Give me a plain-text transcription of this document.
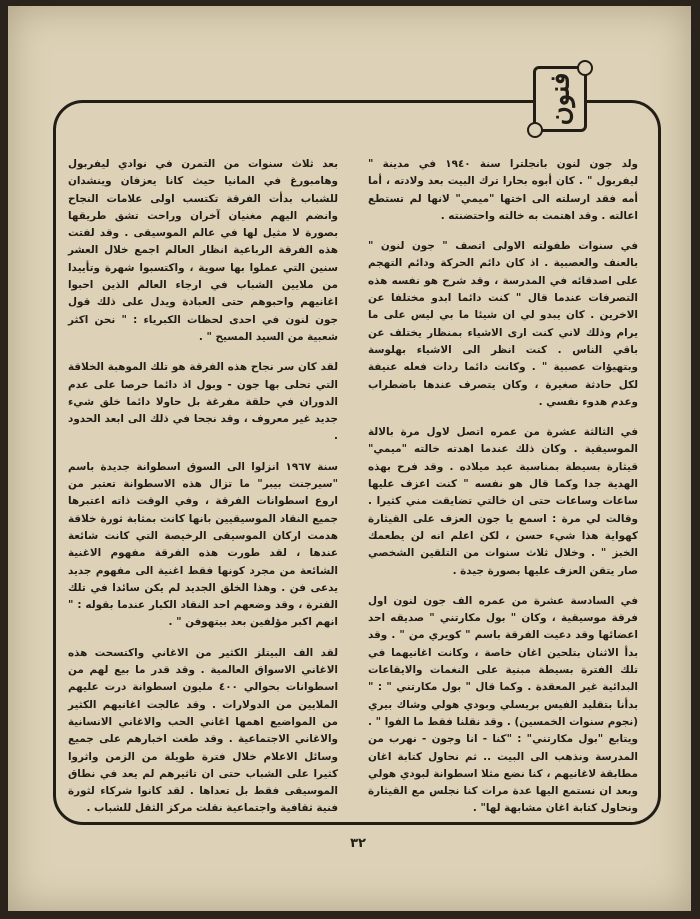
فنون

ولد جون لنون بانجلترا سنة ١٩٤٠ في مدينة " ليفربول " . كان أبوه بحارا ترك البيت بعد ولادته ، أما أمه فقد ارسلته الى اختها "ميمي" لانها لم تستطع اعالته . وقد اهتمت به خالته واحتضنته .

في سنوات طفولته الاولى اتصف " جون لنون " بالعنف والعصبية . اذ كان دائم الحركة ودائم التهجم على اصدقائه في المدرسة ، وقد شرح هو نفسه هذه التصرفات عندما قال " كنت دائما ابدو مختلفا عن الاخرين . كان يبدو لي ان شيئا ما بي ليس على ما يرام وذلك لاني كنت ارى الاشياء بمنظار يختلف عن باقي الناس . كنت انظر الى الاشياء بهلوسة وبتهيؤات عصبية " . وكانت دائما ردات فعله عنيفة لكل حادثة صغيرة ، وكان يتصرف عندها باضطراب وعدم هدوء نفسي .

في الثالثة عشرة من عمره اتصل لاول مرة بالالة الموسيقية . وكان ذلك عندما اهدته خالته "ميمي" قيثارة بسيطة بمناسبة عيد ميلاده . وقد فرح بهذه الهدية جدا وكما قال هو نفسه " كنت اعزف عليها ساعات وساعات حتى ان خالتي تضايقت مني كثيرا . وقالت لي مرة : اسمع يا جون العزف على القيثارة كهواية هذا شيء حسن ، لكن اعلم انه لن يطعمك الخبز " . وخلال ثلاث سنوات من التلقين الشخصي صار يتقن العزف عليها بصورة جيدة .

في السادسة عشرة من عمره الف جون لنون اول فرقة موسيقية ، وكان " بول مكارتني " صديقه احد اعضائها وقد دعيت الفرقة باسم " كويري من " . وقد بدأ الاثنان بتلحين اغان خاصة ، وكانت اغانيهما في تلك الفترة بسيطة مبنية على النغمات والايقاعات البدائية غير المعقدة . وكما قال " بول مكارتني " : " بدأنا بتقليد الفيس بريسلي وبودي هولي وشاك بيري (نجوم سنوات الخمسين) . وقد نقلنا فقط ما الفوا " . ويتابع "بول مكارتني" : "كنا - انا وجون - نهرب من المدرسة ونذهب الى البيت .. ثم نحاول كتابة اغان مطابقة لاغانيهم ، كنا نضع مثلا اسطوانة لبودي هولي وبعد ان نستمع اليها عدة مرات كنا نجلس مع القيثارة ونحاول كتابة اغان مشابهة لها" .

بعد ثلاث سنوات من التمرن في نوادي ليفربول وهامبورغ في المانيا حيث كانا يعزفان وينشدان للشباب بدأت الفرقة تكتسب اولى علامات النجاح وانضم اليهم مغنيان آخران وراحت تشق طريقها بصورة لا مثيل لها في عالم الموسيقى . وقد لفتت هذه الفرقة الرباعية انظار العالم اجمع خلال العشر سنين التي عملوا بها سوية ، واكتسبوا شهرة وتأييدا من ملايين الشباب في ارجاء العالم الذين احبوا اغانيهم واحبوهم حتى العبادة ويدل على ذلك قول جون لنون في احدى لحظات الكبرياء : " نحن اكثر شعبية من السيد المسيح " .

لقد كان سر نجاح هذه الفرقة هو تلك الموهبة الخلاقة التي تحلى بها جون - وبول اذ دائما حرصا على عدم الدوران في حلقة مفرغة بل حاولا دائما خلق شيء جديد غير معروف ، وقد نجحا في ذلك الى ابعد الحدود .

سنة ١٩٦٧ انزلوا الى السوق اسطوانة جديدة باسم "سيرجنت بيبر" ما تزال هذه الاسطوانة تعتبر من اروع اسطوانات الفرقة ، وفي الوقت ذاته اعتبرها جميع النقاد الموسيقيين بانها كانت بمثابة ثورة خلاقة هدمت اركان الموسيقى الرخيصة التي كانت شائعة عندها ، لقد طورت هذه الفرقة مفهوم الاغنية الشائعة من مجرد كونها فقط اغنية الى مفهوم جديد يدعى فن . وهذا الخلق الجديد لم يكن سائدا في تلك الفترة ، وقد وضعهم احد النقاد الكبار عندما بقوله : " انهم اكبر مؤلفين بعد بيتهوفن " .

لقد الف البيتلز الكثير من الاغاني واكتسحت هذه الاغاني الاسواق العالمية . وقد قدر ما بيع لهم من اسطوانات بحوالي ٤٠٠ مليون اسطوانة درت عليهم الملايين من الدولارات . وقد عالجت اغانيهم الكثير من المواضيع اهمها اغاني الحب والاغاني الانسانية والاغاني الاجتماعية . وقد طغت اخبارهم على جميع وسائل الاعلام خلال فترة طويلة من الزمن واثروا كثيرا على الشباب حتى ان تاثيرهم لم يعد في نطاق الموسيقى فقط بل تعداها . لقد كانوا شركاء لثورة فنية ثقافية واجتماعية نقلت مركز الثقل للشباب .

٣٢
